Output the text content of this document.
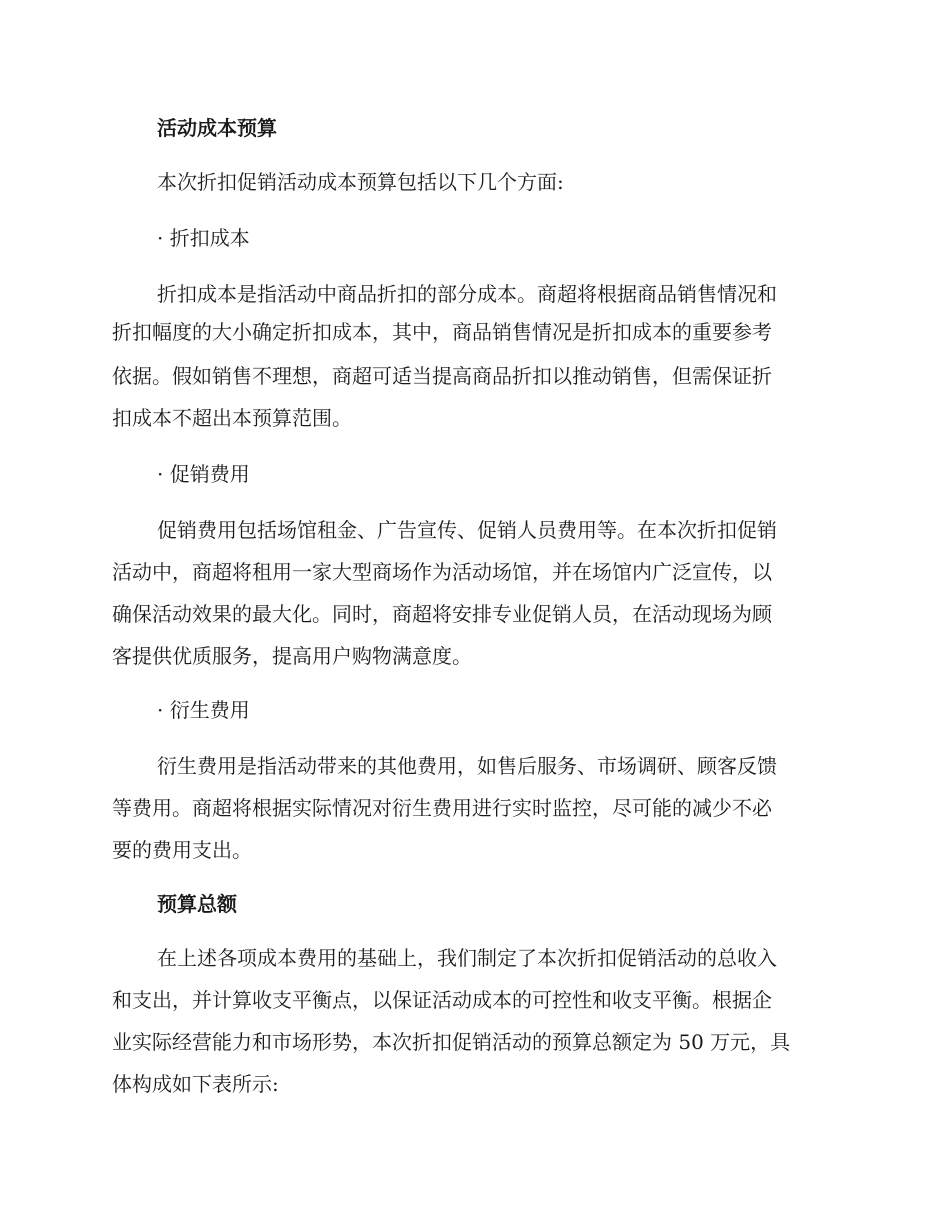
活动成本预算

本次折扣促销活动成本预算包括以下几个方面:

· 折扣成本

折扣成本是指活动中商品折扣的部分成本。商超将根据商品销售情况和

折扣幅度的大小确定折扣成本，其中，商品销售情况是折扣成本的重要参考

依据。假如销售不理想，商超可适当提高商品折扣以推动销售，但需保证折

扣成本不超出本预算范围。

· 促销费用

促销费用包括场馆租金、广告宣传、促销人员费用等。在本次折扣促销

活动中，商超将租用一家大型商场作为活动场馆，并在场馆内广泛宣传，以

确保活动效果的最大化。同时，商超将安排专业促销人员，在活动现场为顾

客提供优质服务，提高用户购物满意度。

· 衍生费用

衍生费用是指活动带来的其他费用，如售后服务、市场调研、顾客反馈

等费用。商超将根据实际情况对衍生费用进行实时监控，尽可能的减少不必

要的费用支出。

预算总额

在上述各项成本费用的基础上，我们制定了本次折扣促销活动的总收入

和支出，并计算收支平衡点，以保证活动成本的可控性和收支平衡。根据企

业实际经营能力和市场形势，本次折扣促销活动的预算总额定为 50 万元，具

体构成如下表所示:
